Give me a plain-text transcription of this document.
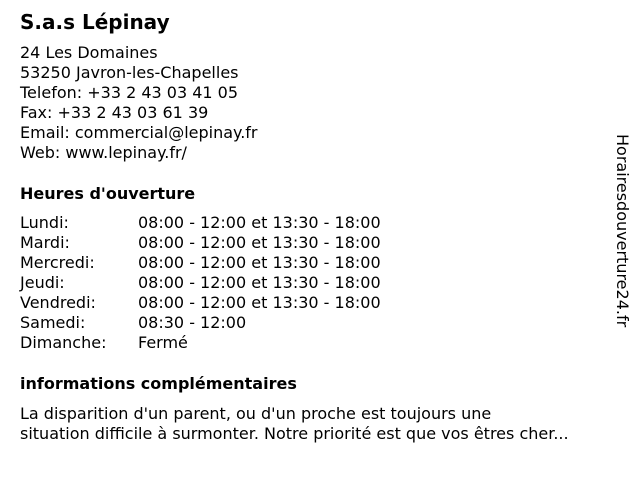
S.a.s Lépinay
24 Les Domaines
53250 Javron-les-Chapelles
Telefon: +33 2 43 03 41 05
Fax: +33 2 43 03 61 39
Email: commercial@lepinay.fr
Web: www.lepinay.fr/
Heures d'ouverture
Lundi:	08:00 - 12:00 et 13:30 - 18:00
Mardi:	08:00 - 12:00 et 13:30 - 18:00
Mercredi:	08:00 - 12:00 et 13:30 - 18:00
Jeudi:	08:00 - 12:00 et 13:30 - 18:00
Vendredi:	08:00 - 12:00 et 13:30 - 18:00
Samedi:	08:30 - 12:00
Dimanche: Fermé
informations complémentaires
La disparition d'un parent, ou d'un proche est toujours une
situation difficile à surmonter. Notre priorité est que vos êtres cher...
Horairesdouverture24.fr
